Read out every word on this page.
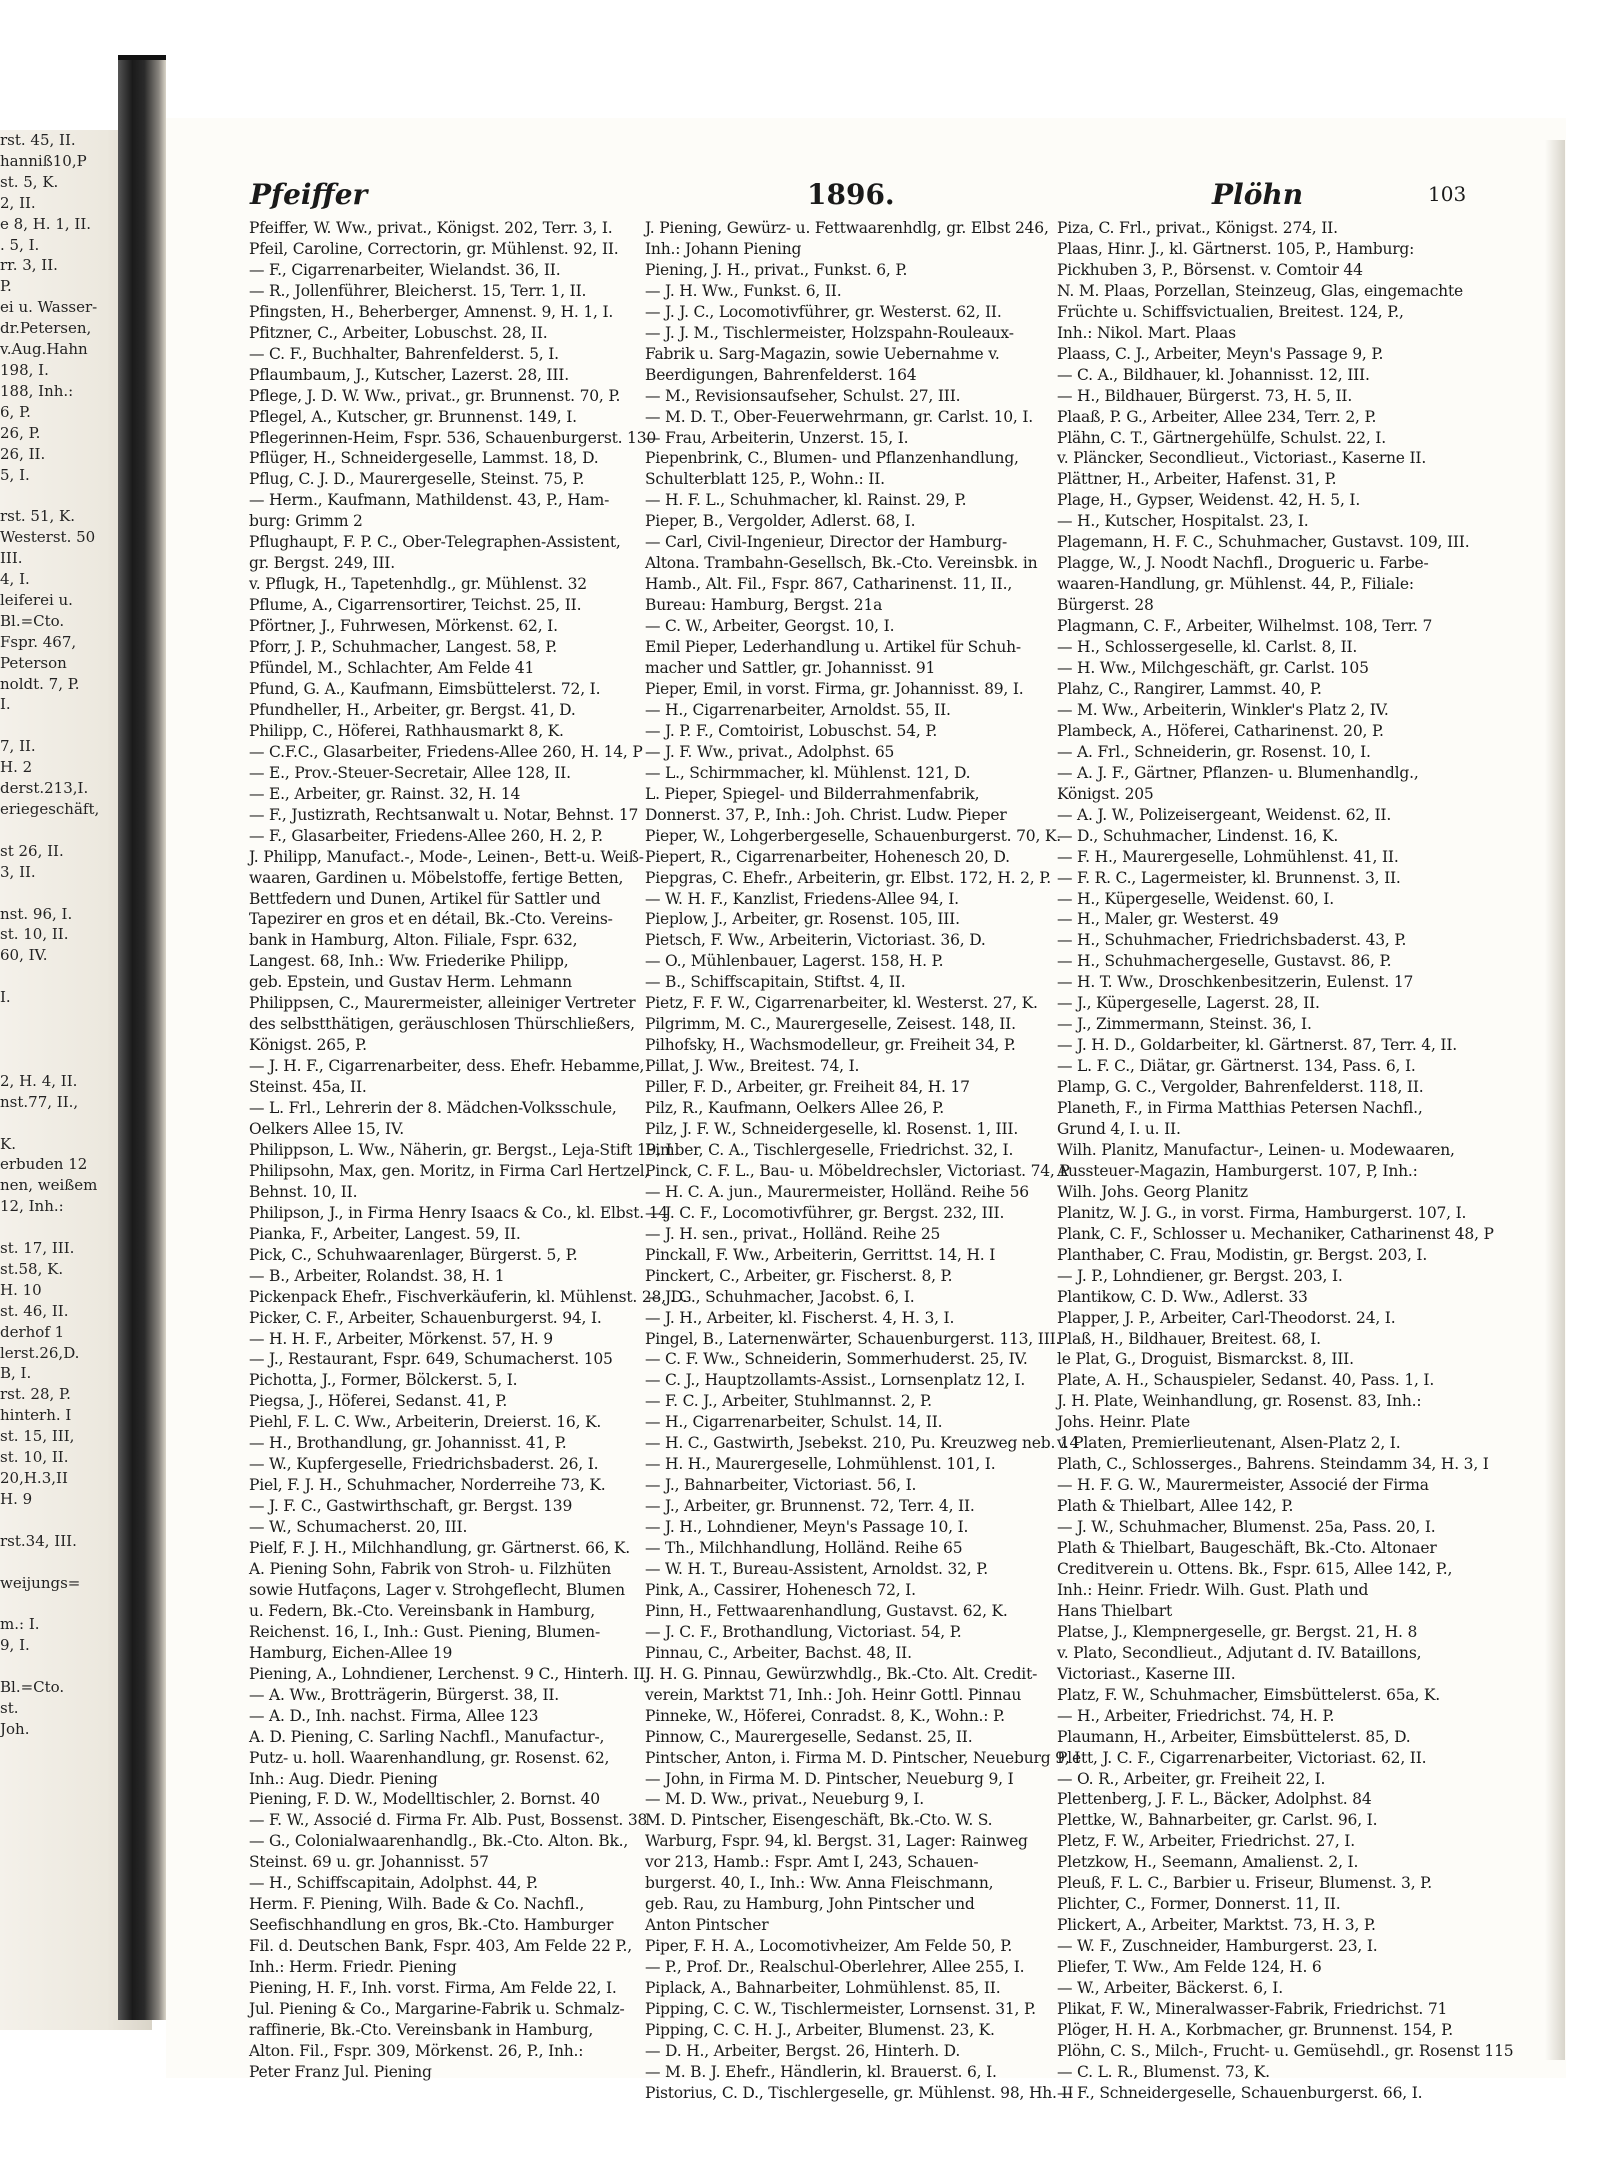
rst. 45, II.
hanniß10,P
st. 5, K.
2, II.
e 8, H. 1, II.
. 5, I.
rr. 3, II.
P.
ei u. Wasser-
dr.Petersen,
v.Aug.Hahn
198, I.
188, Inh.:
6, P.
26, P.
26, II.
5, I.

rst. 51, K.
Westerst. 50
III.
4, I.
leiferei u.
Bl.=Cto.
Fspr. 467,
Peterson
noldt. 7, P.
I.

7, II.
H. 2
derst.213,I.
eriegeschäft,

st 26, II.
3, II.

nst. 96, I.
st. 10, II.
60, IV.

I.

2, H. 4, II.
nst.77, II.,

K.
erbuden 12
nen, weißem
12, Inh.:

st. 17, III.
st.58, K.
H. 10
st. 46, II.
derhof 1
lerst.26,D.
B, I.
rst. 28, P.
hinterh. I
st. 15, III,
st. 10, II.
20,H.3,II
H. 9

rst.34, III.

weijungs=

m.: I.
9, I.

Bl.=Cto.
st.
Joh.
Pfeiffer	1896.	Plöhn	103
Pfeiffer, W. Ww., privat., Königst. 202, Terr. 3, I.
Pfeil, Caroline, Correctorin, gr. Mühlenst. 92, II.
— F., Cigarrenarbeiter, Wielandst. 36, II.
— R., Jollenführer, Bleicherst. 15, Terr. 1, II.
Pfingsten, H., Beherberger, Amnenst. 9, H. 1, I.
Pfitzner, C., Arbeiter, Lobuschst. 28, II.
— C. F., Buchhalter, Bahrenfelderst. 5, I.
Pflaumbaum, J., Kutscher, Lazerst. 28, III.
Pflege, J. D. W. Ww., privat., gr. Brunnenst. 70, P.
Pflegel, A., Kutscher, gr. Brunnenst. 149, I.
Pflegerinnen-Heim, Fspr. 536, Schauenburgerst. 130
Pflüger, H., Schneidergeselle, Lammst. 18, D.
Pflug, C. J. D., Maurergeselle, Steinst. 75, P.
— Herm., Kaufmann, Mathildenst. 43, P., Ham-
burg: Grimm 2
Pflughaupt, F. P. C., Ober-Telegraphen-Assistent,
gr. Bergst. 249, III.
v. Pflugk, H., Tapetenhdlg., gr. Mühlenst. 32
Pflume, A., Cigarrensortirer, Teichst. 25, II.
Pförtner, J., Fuhrwesen, Mörkenst. 62, I.
Pforr, J. P., Schuhmacher, Langest. 58, P.
Pfündel, M., Schlachter, Am Felde 41
Pfund, G. A., Kaufmann, Eimsbüttelerst. 72, I.
Pfundheller, H., Arbeiter, gr. Bergst. 41, D.
Philipp, C., Höferei, Rathhausmarkt 8, K.
— C.F.C., Glasarbeiter, Friedens-Allee 260, H. 14, P
— E., Prov.-Steuer-Secretair, Allee 128, II.
— E., Arbeiter, gr. Rainst. 32, H. 14
— F., Justizrath, Rechtsanwalt u. Notar, Behnst. 17
— F., Glasarbeiter, Friedens-Allee 260, H. 2, P.
J. Philipp, Manufact.-, Mode-, Leinen-, Bett-u. Weiß-
waaren, Gardinen u. Möbelstoffe, fertige Betten,
Bettfedern und Dunen, Artikel für Sattler und
Tapezirer en gros et en détail, Bk.-Cto. Vereins-
bank in Hamburg, Alton. Filiale, Fspr. 632,
Langest. 68, Inh.: Ww. Friederike Philipp,
geb. Epstein, und Gustav Herm. Lehmann
Philippsen, C., Maurermeister, alleiniger Vertreter
des selbstthätigen, geräuschlosen Thürschließers,
Königst. 265, P.
— J. H. F., Cigarrenarbeiter, dess. Ehefr. Hebamme,
Steinst. 45a, II.
— L. Frl., Lehrerin der 8. Mädchen-Volksschule,
Oelkers Allee 15, IV.
Philippson, L. Ww., Näherin, gr. Bergst., Leja-Stift 19, I
Philipsohn, Max, gen. Moritz, in Firma Carl Hertzel,
Behnst. 10, II.
Philipson, J., in Firma Henry Isaacs & Co., kl. Elbst. 14
Pianka, F., Arbeiter, Langest. 59, II.
Pick, C., Schuhwaarenlager, Bürgerst. 5, P.
— B., Arbeiter, Rolandst. 38, H. 1
Pickenpack Ehefr., Fischverkäuferin, kl. Mühlenst. 28, D.
Picker, C. F., Arbeiter, Schauenburgerst. 94, I.
— H. H. F., Arbeiter, Mörkenst. 57, H. 9
— J., Restaurant, Fspr. 649, Schumacherst. 105
Pichotta, J., Former, Bölckerst. 5, I.
Piegsa, J., Höferei, Sedanst. 41, P.
Piehl, F. L. C. Ww., Arbeiterin, Dreierst. 16, K.
— H., Brothandlung, gr. Johannisst. 41, P.
— W., Kupfergeselle, Friedrichsbaderst. 26, I.
Piel, F. J. H., Schuhmacher, Norderreihe 73, K.
— J. F. C., Gastwirthschaft, gr. Bergst. 139
— W., Schumacherst. 20, III.
Pielf, F. J. H., Milchhandlung, gr. Gärtnerst. 66, K.
A. Piening Sohn, Fabrik von Stroh- u. Filzhüten
sowie Hutfaçons, Lager v. Strohgeflecht, Blumen
u. Federn, Bk.-Cto. Vereinsbank in Hamburg,
Reichenst. 16, I., Inh.: Gust. Piening, Blumen-
Hamburg, Eichen-Allee 19
Piening, A., Lohndiener, Lerchenst. 9 C., Hinterh. II.
— A. Ww., Brotträgerin, Bürgerst. 38, II.
— A. D., Inh. nachst. Firma, Allee 123
A. D. Piening, C. Sarling Nachfl., Manufactur-,
Putz- u. holl. Waarenhandlung, gr. Rosenst. 62,
Inh.: Aug. Diedr. Piening
Piening, F. D. W., Modelltischler, 2. Bornst. 40
— F. W., Associé d. Firma Fr. Alb. Pust, Bossenst. 38
— G., Colonialwaarenhandlg., Bk.-Cto. Alton. Bk.,
Steinst. 69 u. gr. Johannisst. 57
— H., Schiffscapitain, Adolphst. 44, P.
Herm. F. Piening, Wilh. Bade & Co. Nachfl.,
Seefischhandlung en gros, Bk.-Cto. Hamburger
Fil. d. Deutschen Bank, Fspr. 403, Am Felde 22 P.,
Inh.: Herm. Friedr. Piening
Piening, H. F., Inh. vorst. Firma, Am Felde 22, I.
Jul. Piening & Co., Margarine-Fabrik u. Schmalz-
raffinerie, Bk.-Cto. Vereinsbank in Hamburg,
Alton. Fil., Fspr. 309, Mörkenst. 26, P., Inh.:
Peter Franz Jul. Piening
J. Piening, Gewürz- u. Fettwaarenhdlg, gr. Elbst 246,
Inh.: Johann Piening
Piening, J. H., privat., Funkst. 6, P.
— J. H. Ww., Funkst. 6, II.
— J. J. C., Locomotivführer, gr. Westerst. 62, II.
— J. J. M., Tischlermeister, Holzspahn-Rouleaux-
Fabrik u. Sarg-Magazin, sowie Uebernahme v.
Beerdigungen, Bahrenfelderst. 164
— M., Revisionsaufseher, Schulst. 27, III.
— M. D. T., Ober-Feuerwehrmann, gr. Carlst. 10, I.
— Frau, Arbeiterin, Unzerst. 15, I.
Piepenbrink, C., Blumen- und Pflanzenhandlung,
Schulterblatt 125, P., Wohn.: II.
— H. F. L., Schuhmacher, kl. Rainst. 29, P.
Pieper, B., Vergolder, Adlerst. 68, I.
— Carl, Civil-Ingenieur, Director der Hamburg-
Altona. Trambahn-Gesellsch, Bk.-Cto. Vereinsbk. in
Hamb., Alt. Fil., Fspr. 867, Catharinenst. 11, II.,
Bureau: Hamburg, Bergst. 21a
— C. W., Arbeiter, Georgst. 10, I.
Emil Pieper, Lederhandlung u. Artikel für Schuh-
macher und Sattler, gr. Johannisst. 91
Pieper, Emil, in vorst. Firma, gr. Johannisst. 89, I.
— H., Cigarrenarbeiter, Arnoldst. 55, II.
— J. P. F., Comtoirist, Lobuschst. 54, P.
— J. F. Ww., privat., Adolphst. 65
— L., Schirmmacher, kl. Mühlenst. 121, D.
L. Pieper, Spiegel- und Bilderrahmenfabrik,
Donnerst. 37, P., Inh.: Joh. Christ. Ludw. Pieper
Pieper, W., Lohgerbergeselle, Schauenburgerst. 70, K.
Piepert, R., Cigarrenarbeiter, Hohenesch 20, D.
Piepgras, C. Ehefr., Arbeiterin, gr. Elbst. 172, H. 2, P.
— W. H. F., Kanzlist, Friedens-Allee 94, I.
Pieplow, J., Arbeiter, gr. Rosenst. 105, III.
Pietsch, F. Ww., Arbeiterin, Victoriast. 36, D.
— O., Mühlenbauer, Lagerst. 158, H. P.
— B., Schiffscapitain, Stiftst. 4, II.
Pietz, F. F. W., Cigarrenarbeiter, kl. Westerst. 27, K.
Pilgrimm, M. C., Maurergeselle, Zeisest. 148, II.
Pilhofsky, H., Wachsmodelleur, gr. Freiheit 34, P.
Pillat, J. Ww., Breitest. 74, I.
Piller, F. D., Arbeiter, gr. Freiheit 84, H. 17
Pilz, R., Kaufmann, Oelkers Allee 26, P.
Pilz, J. F. W., Schneidergeselle, kl. Rosenst. 1, III.
Pimber, C. A., Tischlergeselle, Friedrichst. 32, I.
Pinck, C. F. L., Bau- u. Möbeldrechsler, Victoriast. 74, P
— H. C. A. jun., Maurermeister, Holländ. Reihe 56
— J. C. F., Locomotivführer, gr. Bergst. 232, III.
— J. H. sen., privat., Holländ. Reihe 25
Pinckall, F. Ww., Arbeiterin, Gerrittst. 14, H. I
Pinckert, C., Arbeiter, gr. Fischerst. 8, P.
— J. G., Schuhmacher, Jacobst. 6, I.
— J. H., Arbeiter, kl. Fischerst. 4, H. 3, I.
Pingel, B., Laternenwärter, Schauenburgerst. 113, III.
— C. F. Ww., Schneiderin, Sommerhuderst. 25, IV.
— C. J., Hauptzollamts-Assist., Lornsenplatz 12, I.
— F. C. J., Arbeiter, Stuhlmannst. 2, P.
— H., Cigarrenarbeiter, Schulst. 14, II.
— H. C., Gastwirth, Jsebekst. 210, Pu. Kreuzweg neb. 14
— H. H., Maurergeselle, Lohmühlenst. 101, I.
— J., Bahnarbeiter, Victoriast. 56, I.
— J., Arbeiter, gr. Brunnenst. 72, Terr. 4, II.
— J. H., Lohndiener, Meyn's Passage 10, I.
— Th., Milchhandlung, Holländ. Reihe 65
— W. H. T., Bureau-Assistent, Arnoldst. 32, P.
Pink, A., Cassirer, Hohenesch 72, I.
Pinn, H., Fettwaarenhandlung, Gustavst. 62, K.
— J. C. F., Brothandlung, Victoriast. 54, P.
Pinnau, C., Arbeiter, Bachst. 48, II.
J. H. G. Pinnau, Gewürzwhdlg., Bk.-Cto. Alt. Credit-
verein, Marktst 71, Inh.: Joh. Heinr Gottl. Pinnau
Pinneke, W., Höferei, Conradst. 8, K., Wohn.: P.
Pinnow, C., Maurergeselle, Sedanst. 25, II.
Pintscher, Anton, i. Firma M. D. Pintscher, Neueburg 9, I
— John, in Firma M. D. Pintscher, Neueburg 9, I
— M. D. Ww., privat., Neueburg 9, I.
M. D. Pintscher, Eisengeschäft, Bk.-Cto. W. S.
Warburg, Fspr. 94, kl. Bergst. 31, Lager: Rainweg
vor 213, Hamb.: Fspr. Amt I, 243, Schauen-
burgerst. 40, I., Inh.: Ww. Anna Fleischmann,
geb. Rau, zu Hamburg, John Pintscher und
Anton Pintscher
Piper, F. H. A., Locomotivheizer, Am Felde 50, P.
— P., Prof. Dr., Realschul-Oberlehrer, Allee 255, I.
Piplack, A., Bahnarbeiter, Lohmühlenst. 85, II.
Pipping, C. C. W., Tischlermeister, Lornsenst. 31, P.
Pipping, C. C. H. J., Arbeiter, Blumenst. 23, K.
— D. H., Arbeiter, Bergst. 26, Hinterh. D.
— M. B. J. Ehefr., Händlerin, kl. Brauerst. 6, I.
Pistorius, C. D., Tischlergeselle, gr. Mühlenst. 98, Hh. II
Piza, C. Frl., privat., Königst. 274, II.
Plaas, Hinr. J., kl. Gärtnerst. 105, P., Hamburg:
Pickhuben 3, P., Börsenst. v. Comtoir 44
N. M. Plaas, Porzellan, Steinzeug, Glas, eingemachte
Früchte u. Schiffsvictualien, Breitest. 124, P.,
Inh.: Nikol. Mart. Plaas
Plaass, C. J., Arbeiter, Meyn's Passage 9, P.
— C. A., Bildhauer, kl. Johannisst. 12, III.
— H., Bildhauer, Bürgerst. 73, H. 5, II.
Plaaß, P. G., Arbeiter, Allee 234, Terr. 2, P.
Plähn, C. T., Gärtnergehülfe, Schulst. 22, I.
v. Pläncker, Secondlieut., Victoriast., Kaserne II.
Plättner, H., Arbeiter, Hafenst. 31, P.
Plage, H., Gypser, Weidenst. 42, H. 5, I.
— H., Kutscher, Hospitalst. 23, I.
Plagemann, H. F. C., Schuhmacher, Gustavst. 109, III.
Plagge, W., J. Noodt Nachfl., Drogueric u. Farbe-
waaren-Handlung, gr. Mühlenst. 44, P., Filiale:
Bürgerst. 28
Plagmann, C. F., Arbeiter, Wilhelmst. 108, Terr. 7
— H., Schlossergeselle, kl. Carlst. 8, II.
— H. Ww., Milchgeschäft, gr. Carlst. 105
Plahz, C., Rangirer, Lammst. 40, P.
— M. Ww., Arbeiterin, Winkler's Platz 2, IV.
Plambeck, A., Höferei, Catharinenst. 20, P.
— A. Frl., Schneiderin, gr. Rosenst. 10, I.
— A. J. F., Gärtner, Pflanzen- u. Blumenhandlg.,
Königst. 205
— A. J. W., Polizeisergeant, Weidenst. 62, II.
— D., Schuhmacher, Lindenst. 16, K.
— F. H., Maurergeselle, Lohmühlenst. 41, II.
— F. R. C., Lagermeister, kl. Brunnenst. 3, II.
— H., Küpergeselle, Weidenst. 60, I.
— H., Maler, gr. Westerst. 49
— H., Schuhmacher, Friedrichsbaderst. 43, P.
— H., Schuhmachergeselle, Gustavst. 86, P.
— H. T. Ww., Droschkenbesitzerin, Eulenst. 17
— J., Küpergeselle, Lagerst. 28, II.
— J., Zimmermann, Steinst. 36, I.
— J. H. D., Goldarbeiter, kl. Gärtnerst. 87, Terr. 4, II.
— L. F. C., Diätar, gr. Gärtnerst. 134, Pass. 6, I.
Plamp, G. C., Vergolder, Bahrenfelderst. 118, II.
Planeth, F., in Firma Matthias Petersen Nachfl.,
Grund 4, I. u. II.
Wilh. Planitz, Manufactur-, Leinen- u. Modewaaren,
Aussteuer-Magazin, Hamburgerst. 107, P, Inh.:
Wilh. Johs. Georg Planitz
Planitz, W. J. G., in vorst. Firma, Hamburgerst. 107, I.
Plank, C. F., Schlosser u. Mechaniker, Catharinenst 48, P
Planthaber, C. Frau, Modistin, gr. Bergst. 203, I.
— J. P., Lohndiener, gr. Bergst. 203, I.
Plantikow, C. D. Ww., Adlerst. 33
Plapper, J. P., Arbeiter, Carl-Theodorst. 24, I.
Plaß, H., Bildhauer, Breitest. 68, I.
le Plat, G., Droguist, Bismarckst. 8, III.
Plate, A. H., Schauspieler, Sedanst. 40, Pass. 1, I.
J. H. Plate, Weinhandlung, gr. Rosenst. 83, Inh.:
Johs. Heinr. Plate
v. Platen, Premierlieutenant, Alsen-Platz 2, I.
Plath, C., Schlosserges., Bahrens. Steindamm 34, H. 3, I
— H. F. G. W., Maurermeister, Associé der Firma
Plath & Thielbart, Allee 142, P.
— J. W., Schuhmacher, Blumenst. 25a, Pass. 20, I.
Plath & Thielbart, Baugeschäft, Bk.-Cto. Altonaer
Creditverein u. Ottens. Bk., Fspr. 615, Allee 142, P.,
Inh.: Heinr. Friedr. Wilh. Gust. Plath und
Hans Thielbart
Platse, J., Klempnergeselle, gr. Bergst. 21, H. 8
v. Plato, Secondlieut., Adjutant d. IV. Bataillons,
Victoriast., Kaserne III.
Platz, F. W., Schuhmacher, Eimsbüttelerst. 65a, K.
— H., Arbeiter, Friedrichst. 74, H. P.
Plaumann, H., Arbeiter, Eimsbüttelerst. 85, D.
Plett, J. C. F., Cigarrenarbeiter, Victoriast. 62, II.
— O. R., Arbeiter, gr. Freiheit 22, I.
Plettenberg, J. F. L., Bäcker, Adolphst. 84
Plettke, W., Bahnarbeiter, gr. Carlst. 96, I.
Pletz, F. W., Arbeiter, Friedrichst. 27, I.
Pletzkow, H., Seemann, Amalienst. 2, I.
Pleuß, F. L. C., Barbier u. Friseur, Blumenst. 3, P.
Plichter, C., Former, Donnerst. 11, II.
Plickert, A., Arbeiter, Marktst. 73, H. 3, P.
— W. F., Zuschneider, Hamburgerst. 23, I.
Pliefer, T. Ww., Am Felde 124, H. 6
— W., Arbeiter, Bäckerst. 6, I.
Plikat, F. W., Mineralwasser-Fabrik, Friedrichst. 71
Plöger, H. H. A., Korbmacher, gr. Brunnenst. 154, P.
Plöhn, C. S., Milch-, Frucht- u. Gemüsehdl., gr. Rosenst 115
— C. L. R., Blumenst. 73, K.
— F., Schneidergeselle, Schauenburgerst. 66, I.
